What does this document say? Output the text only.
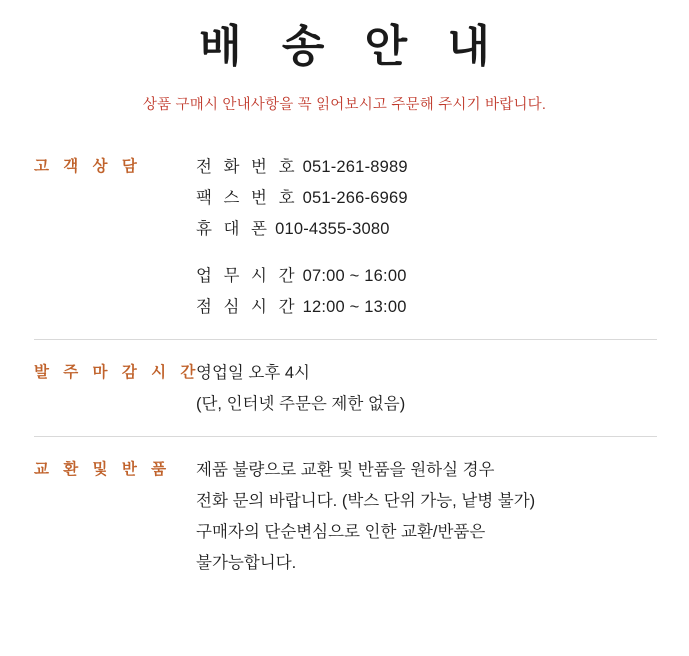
배 송 안 내
상품 구매시 안내사항을 꼭 읽어보시고 주문해 주시기 바랍니다.
고 객 상 담	전 화 번 호 051-261-8989
팩 스 번 호 051-266-6969
휴 대 폰 010-4355-3080
업 무 시 간 07:00 ~ 16:00
점 심 시 간 12:00 ~ 13:00
발 주 마 감 시 간
영업일 오후 4시
(단, 인터넷 주문은 제한 없음)
교 환 및 반 품	제품 불량으로 교환 및 반품을 원하실 경우
전화 문의 바랍니다. (박스 단위 가능, 낱병 불가)
구매자의 단순변심으로 인한 교환/반품은
불가능합니다.
